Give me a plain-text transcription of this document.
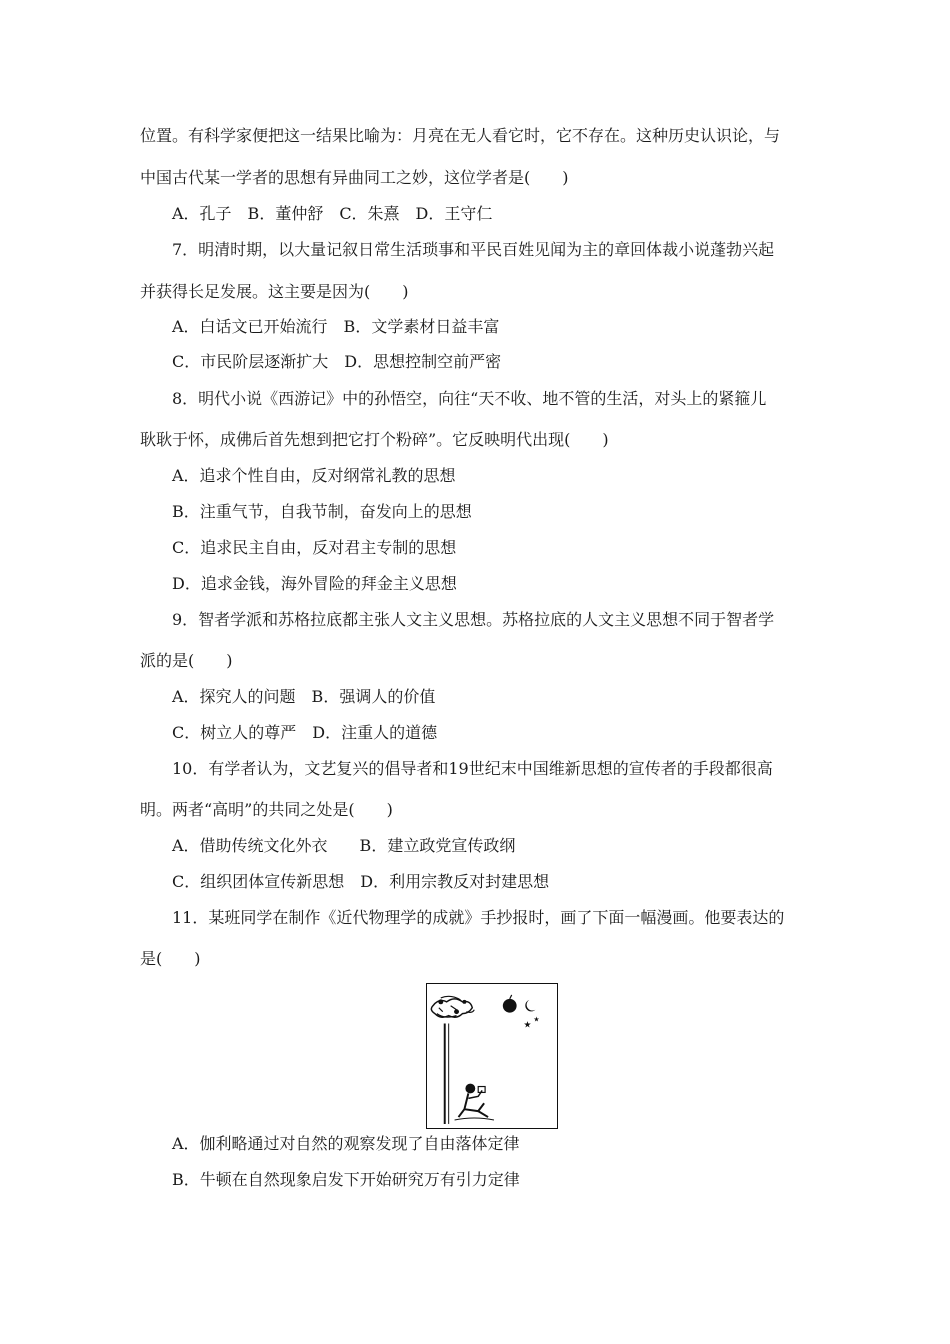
位置。有科学家便把这一结果比喻为：月亮在无人看它时，它不存在。这种历史认识论，与
中国古代某一学者的思想有异曲同工之妙，这位学者是(　　)
A．孔子　B．董仲舒　C．朱熹　D．王守仁
7．明清时期，以大量记叙日常生活琐事和平民百姓见闻为主的章回体裁小说蓬勃兴起
并获得长足发展。这主要是因为(　　)
A．白话文已开始流行　B．文学素材日益丰富
C．市民阶层逐渐扩大　D．思想控制空前严密
8．明代小说《西游记》中的孙悟空，向往“天不收、地不管的生活，对头上的紧箍儿
耿耿于怀，成佛后首先想到把它打个粉碎”。它反映明代出现(　　)
A．追求个性自由，反对纲常礼教的思想
B．注重气节，自我节制，奋发向上的思想
C．追求民主自由，反对君主专制的思想
D．追求金钱，海外冒险的拜金主义思想
9．智者学派和苏格拉底都主张人文主义思想。苏格拉底的人文主义思想不同于智者学
派的是(　　)
A．探究人的问题　B．强调人的价值
C．树立人的尊严　D．注重人的道德
10．有学者认为，文艺复兴的倡导者和19世纪末中国维新思想的宣传者的手段都很高
明。两者“高明”的共同之处是(　　)
A．借助传统文化外衣　　B．建立政党宣传政纲
C．组织团体宣传新思想　D．利用宗教反对封建思想
11．某班同学在制作《近代物理学的成就》手抄报时，画了下面一幅漫画。他要表达的
是(　　)
★
★
A．伽利略通过对自然的观察发现了自由落体定律
B．牛顿在自然现象启发下开始研究万有引力定律
